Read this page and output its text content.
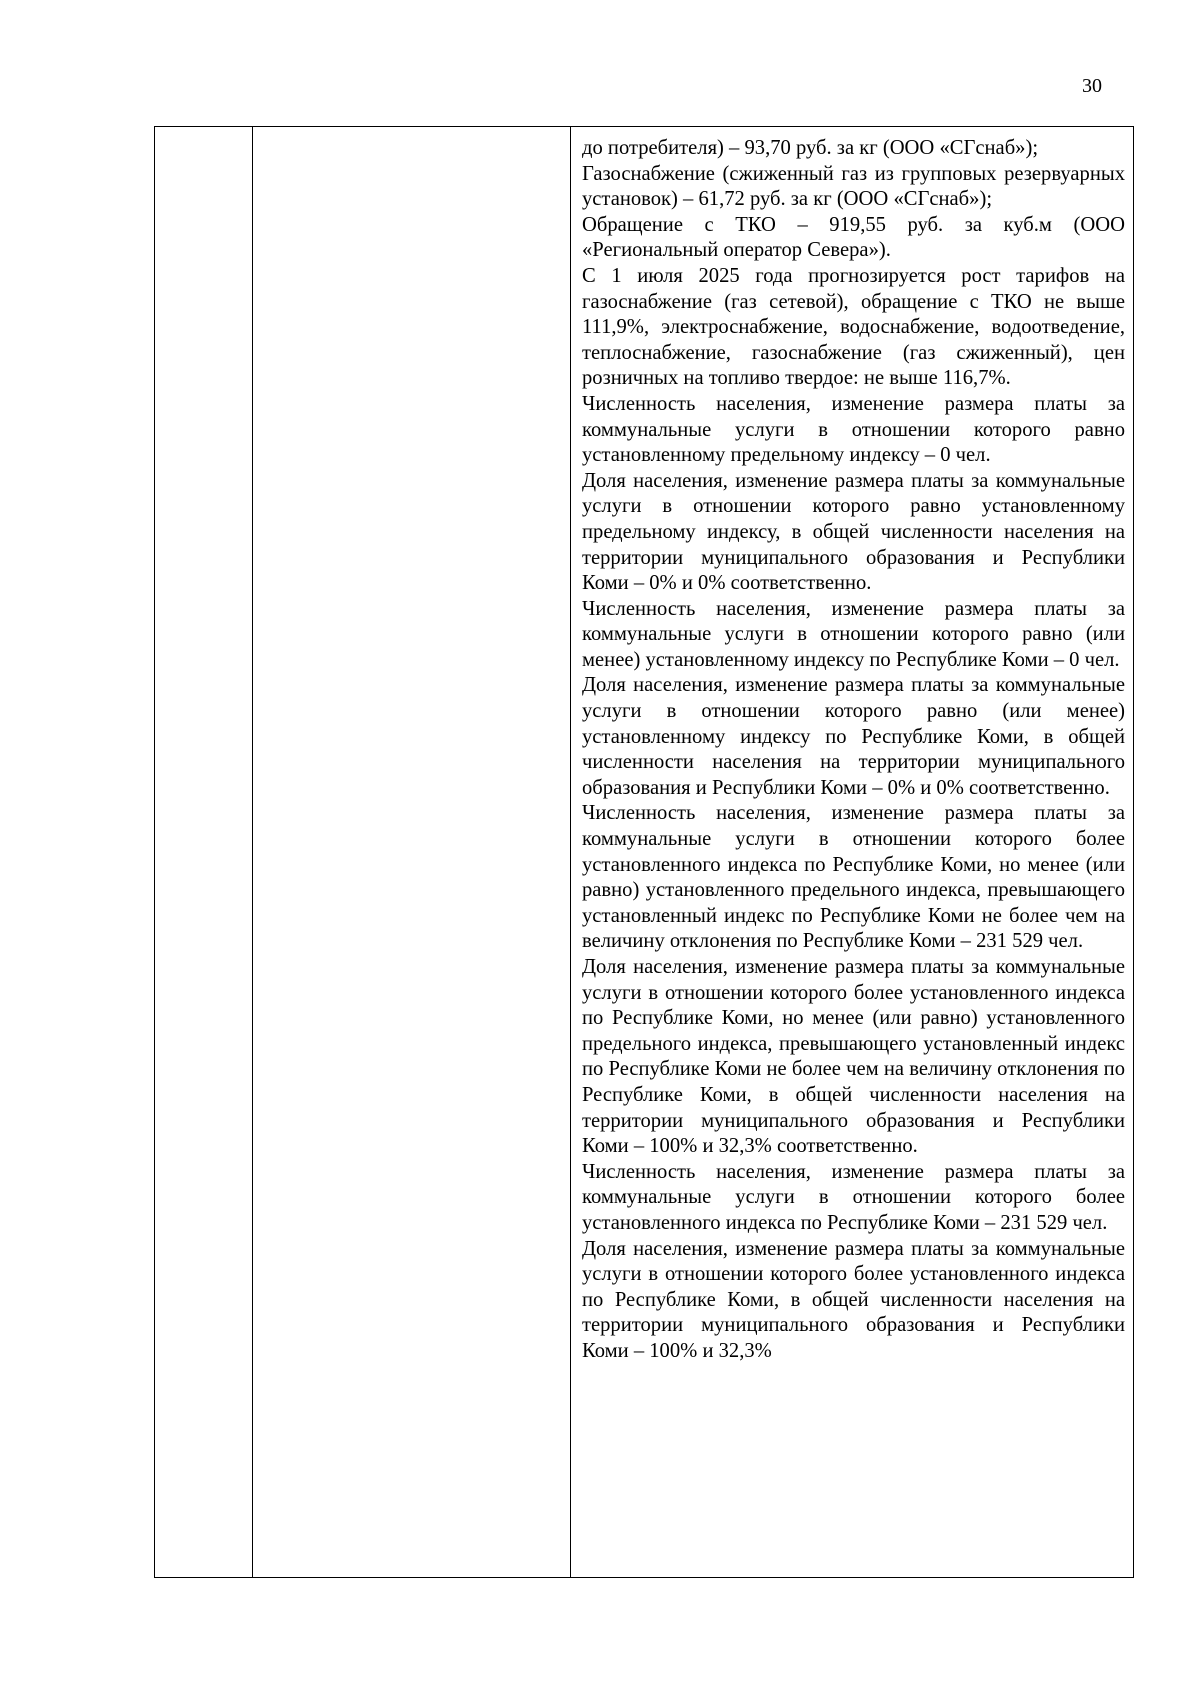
30

до потребителя) – 93,70 руб. за кг (ООО «СГснаб»);

Газоснабжение (сжиженный газ из групповых резервуарных установок) – 61,72 руб. за кг (ООО «СГснаб»);

Обращение с ТКО – 919,55 руб. за куб.м (ООО «Региональный оператор Севера»).

С 1 июля 2025 года прогнозируется рост тарифов на газоснабжение (газ сетевой), обращение с ТКО не выше 111,9%, электроснабжение, водоснабжение, водоотведение, теплоснабжение, газоснабжение (газ сжиженный), цен розничных на топливо твердое: не выше 116,7%.

Численность населения, изменение размера платы за коммунальные услуги в отношении которого равно установленному предельному индексу – 0 чел.

Доля населения, изменение размера платы за коммунальные услуги в отношении которого равно установленному предельному индексу, в общей численности населения на территории муниципального образования и Республики Коми – 0% и 0% соответственно.

Численность населения, изменение размера платы за коммунальные услуги в отношении которого равно (или менее) установленному индексу по Республике Коми – 0 чел.

Доля населения, изменение размера платы за коммунальные услуги в отношении которого равно (или менее) установленному индексу по Республике Коми, в общей численности населения на территории муниципального образования и Республики Коми – 0% и 0% соответственно.

Численность населения, изменение размера платы за коммунальные услуги в отношении которого более установленного индекса по Республике Коми, но менее (или равно) установленного предельного индекса, превышающего установленный индекс по Республике Коми не более чем на величину отклонения по Республике Коми – 231 529 чел.

Доля населения, изменение размера платы за коммунальные услуги в отношении которого более установленного индекса по Республике Коми, но менее (или равно) установленного предельного индекса, превышающего установленный индекс по Республике Коми не более чем на величину отклонения по Республике Коми, в общей численности населения на территории муниципального образования и Республики Коми – 100% и 32,3% соответственно.

Численность населения, изменение размера платы за коммунальные услуги в отношении которого более установленного индекса по Республике Коми – 231 529 чел.

Доля населения, изменение размера платы за коммунальные услуги в отношении которого более установленного индекса по Республике Коми, в общей численности населения на территории муниципального образования и Республики Коми – 100% и 32,3%
